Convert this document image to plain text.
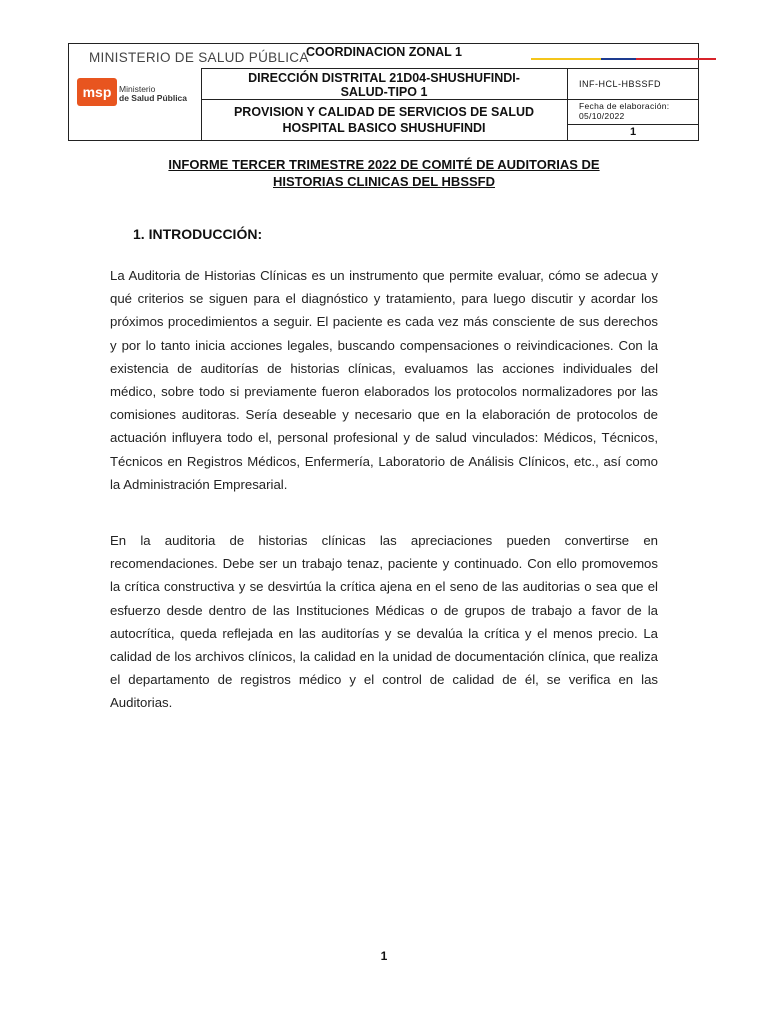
MINISTERIO DE SALUD PÚBLICA
msp Ministerio
de Salud Pública
COORDINACION ZONAL 1
DIRECCIÓN DISTRITAL 21D04-SHUSHUFINDI-
SALUD-TIPO 1
PROVISION Y CALIDAD DE SERVICIOS DE SALUD
HOSPITAL BASICO SHUSHUFINDI
INF-HCL-HBSSFD
Fecha de elaboración:
05/10/2022
1
INFORME TERCER TRIMESTRE 2022 DE COMITÉ DE AUDITORIAS DE
HISTORIAS CLINICAS DEL HBSSFD
1. INTRODUCCIÓN:

La Auditoria de Historias Clínicas es un instrumento que permite evaluar, cómo se adecua y qué criterios se siguen para el diagnóstico y tratamiento, para luego discutir y acordar los próximos procedimientos a seguir. El paciente es cada vez más consciente de sus derechos y por lo tanto inicia acciones legales, buscando compensaciones o reivindicaciones. Con la existencia de auditorías de historias clínicas, evaluamos las acciones individuales del médico, sobre todo si previamente fueron elaborados los protocolos normalizadores por las comisiones auditoras. Sería deseable y necesario que en la elaboración de protocolos de actuación influyera todo el, personal profesional y de salud vinculados: Médicos, Técnicos, Técnicos en Registros Médicos, Enfermería, Laboratorio de Análisis Clínicos, etc., así como la Administración Empresarial.

En la auditoria de historias clínicas las apreciaciones pueden convertirse en recomendaciones. Debe ser un trabajo tenaz, paciente y continuado. Con ello promovemos la crítica constructiva y se desvirtúa la crítica ajena en el seno de las auditorias o sea que el esfuerzo desde dentro de las Instituciones Médicas o de grupos de trabajo a favor de la autocrítica, queda reflejada en las auditorías y se devalúa la crítica y el menos precio. La calidad de los archivos clínicos, la calidad en la unidad de documentación clínica, que realiza el departamento de registros médico y el control de calidad de él, se verifica en las Auditorias.

1
